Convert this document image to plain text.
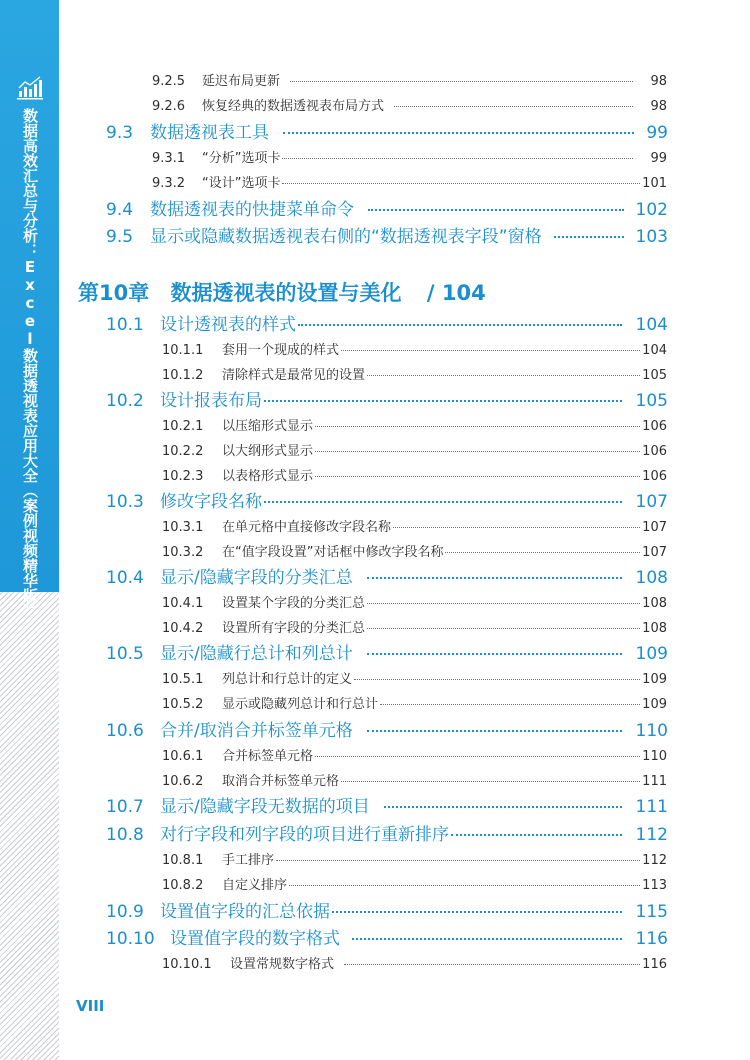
数据高效汇总与分析：Excel数据透视表应用大全（案例视频精华版）
9.2.5	延迟布局更新	98
9.2.6	恢复经典的数据透视表布局方式	98
9.3 数据透视表工具	99
9.3.1	“分析”选项卡	99
9.3.2	“设计”选项卡	101
9.4 数据透视表的快捷菜单命令	102
9.5 显示或隐藏数据透视表右侧的“数据透视表字段”窗格	103
第10章 数据透视表的设置与美化 / 104
10.1 设计透视表的样式	104
10.1.1	套用一个现成的样式	104
10.1.2	清除样式是最常见的设置	105
10.2 设计报表布局	105
10.2.1	以压缩形式显示	106
10.2.2	以大纲形式显示	106
10.2.3	以表格形式显示	106
10.3 修改字段名称	107
10.3.1	在单元格中直接修改字段名称	107
10.3.2	在“值字段设置”对话框中修改字段名称	107
10.4 显示/隐藏字段的分类汇总	108
10.4.1	设置某个字段的分类汇总	108
10.4.2	设置所有字段的分类汇总	108
10.5 显示/隐藏行总计和列总计	109
10.5.1	列总计和行总计的定义	109
10.5.2	显示或隐藏列总计和行总计	109
10.6 合并/取消合并标签单元格	110
10.6.1	合并标签单元格	110
10.6.2	取消合并标签单元格	111
10.7 显示/隐藏字段无数据的项目	111
10.8 对行字段和列字段的项目进行重新排序	112
10.8.1	手工排序	112
10.8.2	自定义排序	113
10.9 设置值字段的汇总依据	115
10.10 设置值字段的数字格式	116
10.10.1	设置常规数字格式	116
VIII
